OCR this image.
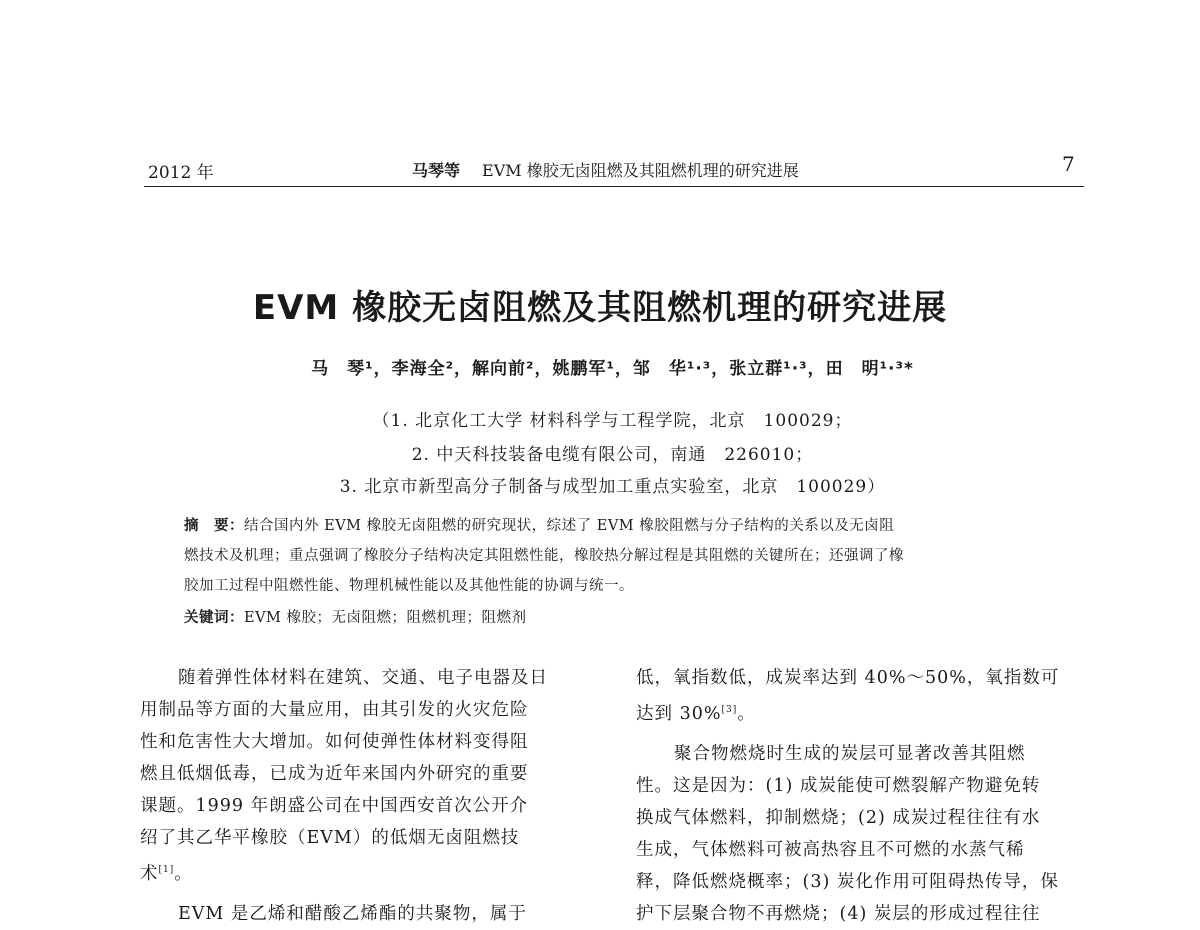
2012 年	马琴等 EVM 橡胶无卤阻燃及其阻燃机理的研究进展	7
EVM 橡胶无卤阻燃及其阻燃机理的研究进展
马　琴¹，李海全²，解向前²，姚鹏军¹，邹　华¹·³，张立群¹·³，田　明¹·³*
（1. 北京化工大学 材料科学与工程学院，北京　100029；
2. 中天科技装备电缆有限公司，南通　226010；
3. 北京市新型高分子制备与成型加工重点实验室，北京　100029）
摘　要：结合国内外 EVM 橡胶无卤阻燃的研究现状，综述了 EVM 橡胶阻燃与分子结构的关系以及无卤阻
燃技术及机理；重点强调了橡胶分子结构决定其阻燃性能，橡胶热分解过程是其阻燃的关键所在；还强调了橡
胶加工过程中阻燃性能、物理机械性能以及其他性能的协调与统一。
关键词：EVM 橡胶；无卤阻燃；阻燃机理；阻燃剂
随着弹性体材料在建筑、交通、电子电器及日
用制品等方面的大量应用，由其引发的火灾危险
性和危害性大大增加。如何使弹性体材料变得阻
燃且低烟低毒，已成为近年来国内外研究的重要
课题。1999 年朗盛公司在中国西安首次公开介
绍了其乙华平橡胶（EVM）的低烟无卤阻燃技
术[1]。
EVM 是乙烯和醋酸乙烯酯的共聚物，属于
低，氧指数低，成炭率达到 40%～50%，氧指数可
达到 30%[3]。
聚合物燃烧时生成的炭层可显著改善其阻燃
性。这是因为：(1) 成炭能使可燃裂解产物避免转
换成气体燃料，抑制燃烧；(2) 成炭过程往往有水
生成，气体燃料可被高热容且不可燃的水蒸气稀
释，降低燃烧概率；(3) 炭化作用可阻碍热传导，保
护下层聚合物不再燃烧；(4) 炭层的形成过程往往
